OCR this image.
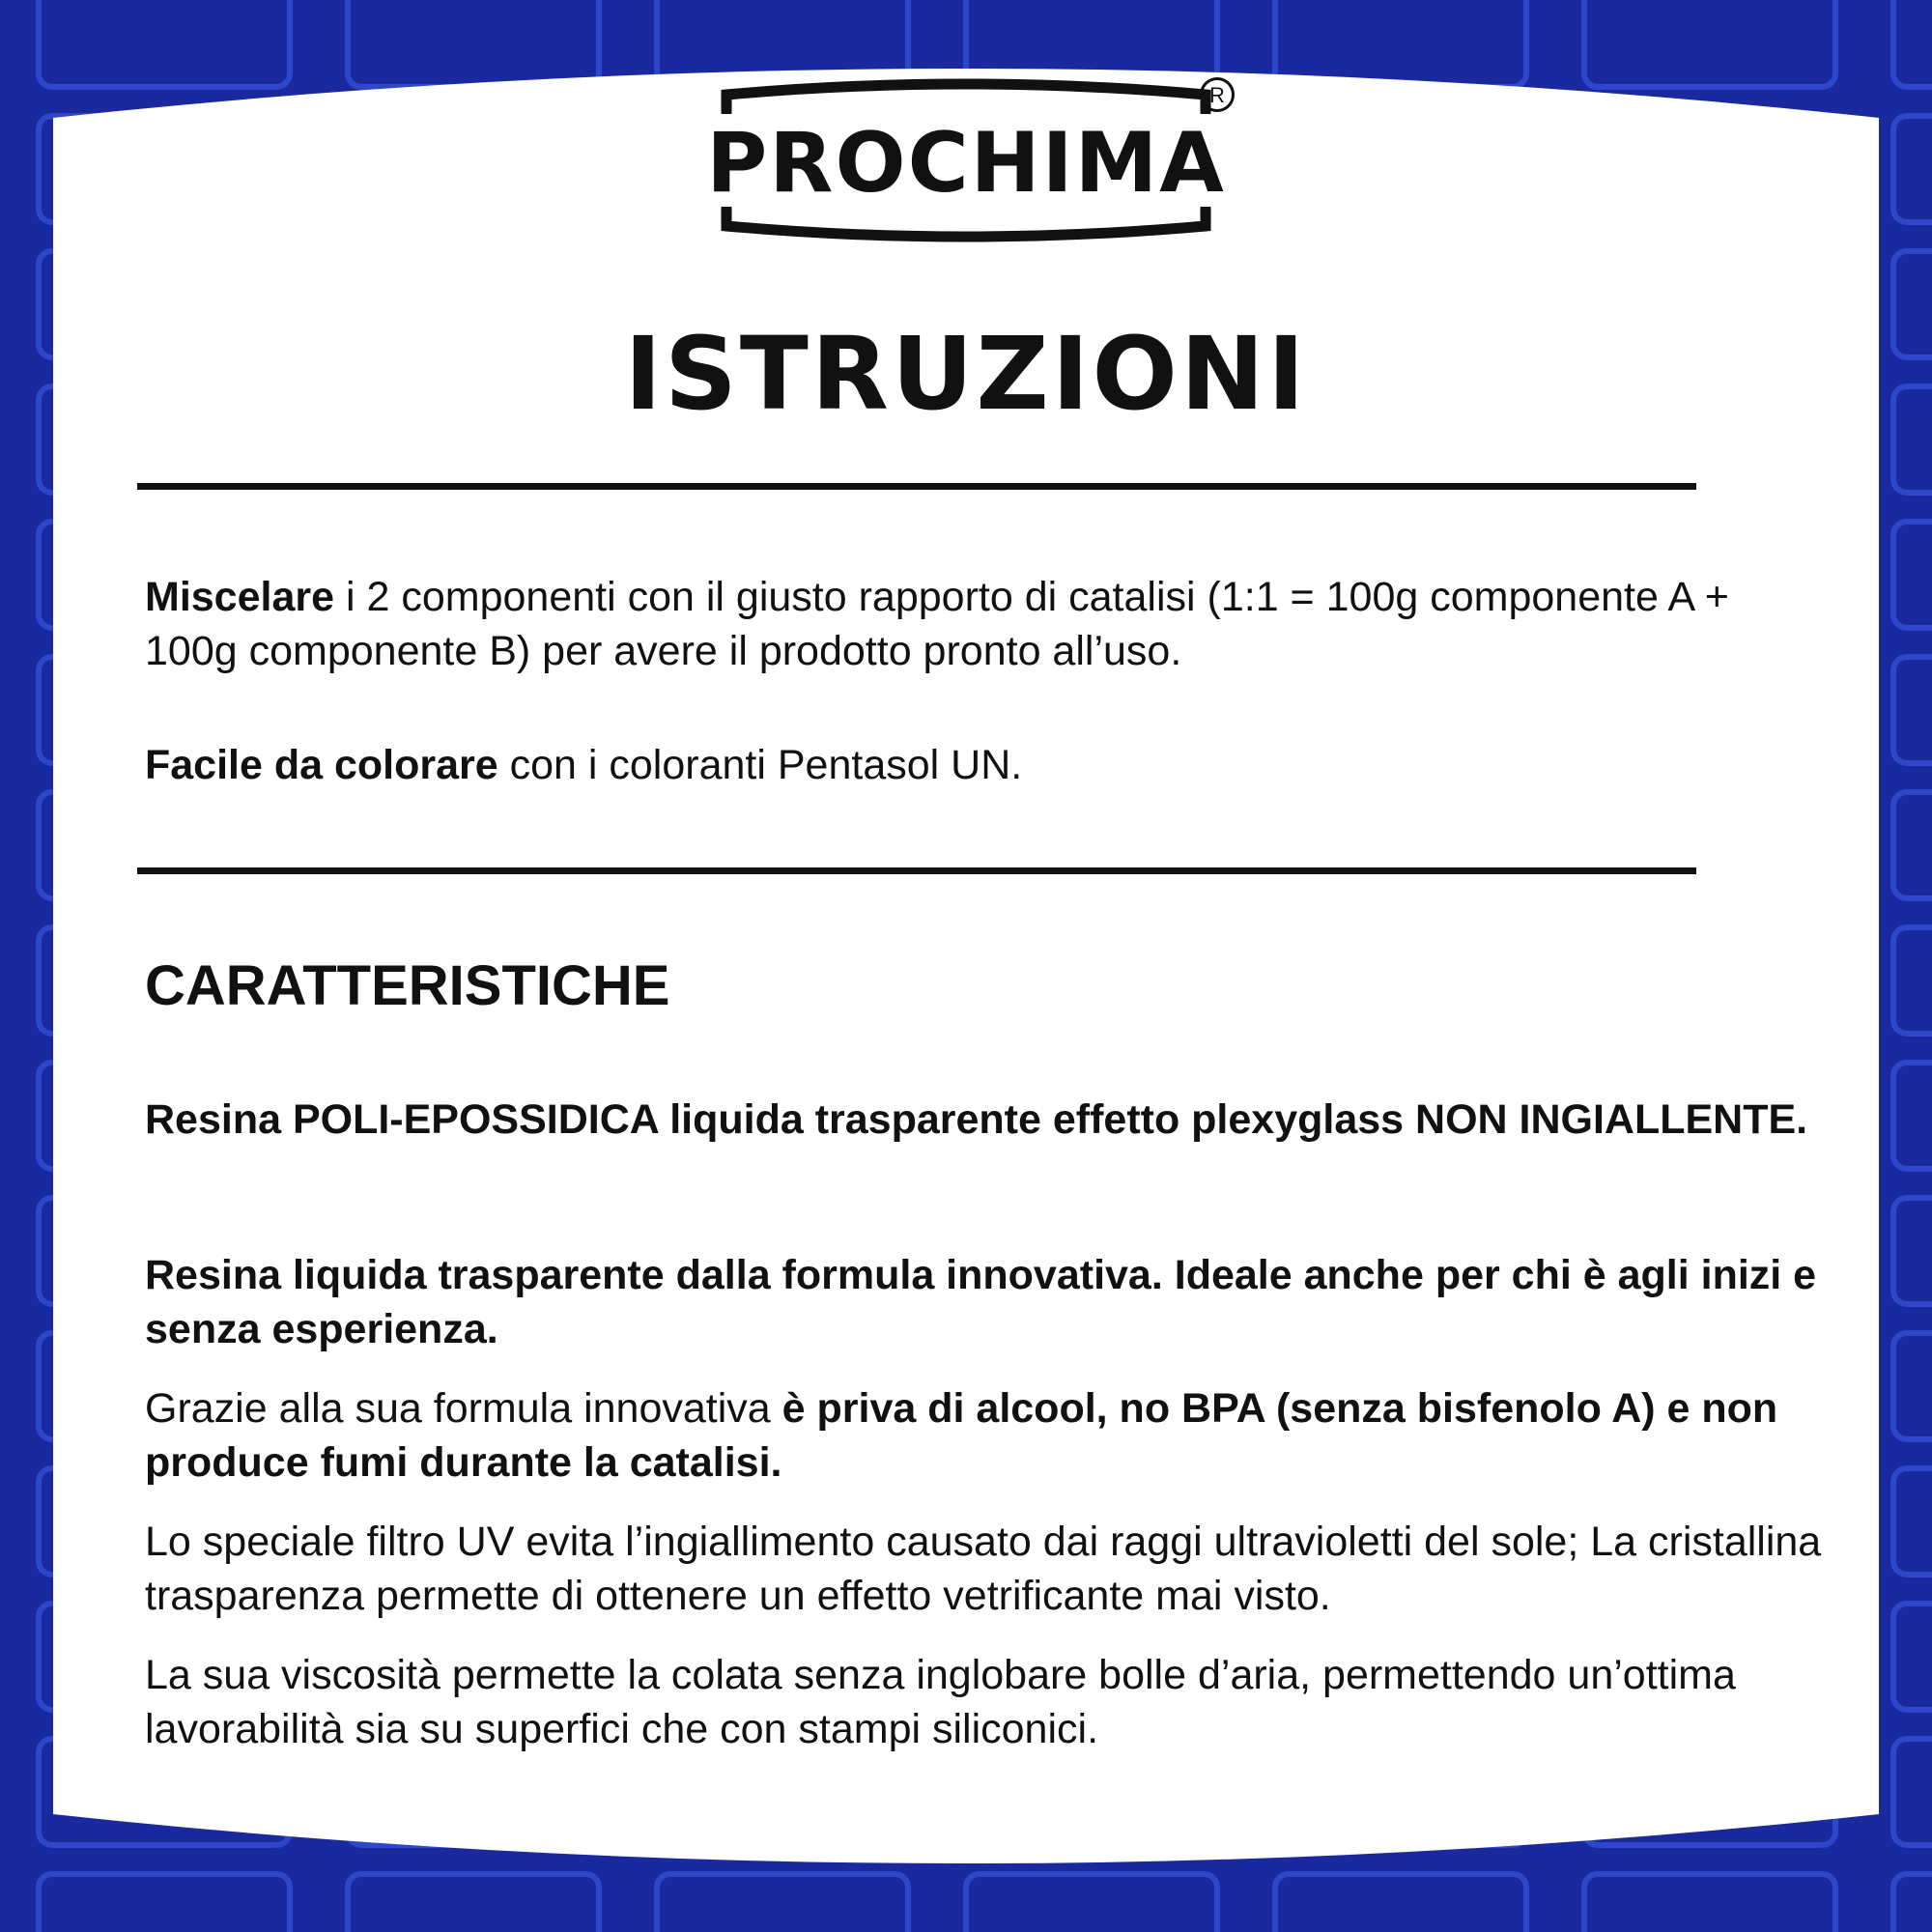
PROCHIMA
R
ISTRUZIONI

Miscelare i 2 componenti con il giusto rapporto di catalisi (1:1 = 100g componente A + 100g componente B) per avere il prodotto pronto all’uso.

Facile da colorare con i coloranti Pentasol UN.

CARATTERISTICHE

Resina POLI-EPOSSIDICA liquida trasparente effetto plexyglass NON INGIALLENTE.

Resina liquida trasparente dalla formula innovativa. Ideale anche per chi è agli inizi e senza esperienza.

Grazie alla sua formula innovativa è priva di alcool, no BPA (senza bisfenolo A) e non produce fumi durante la catalisi.

Lo speciale filtro UV evita l’ingiallimento causato dai raggi ultravioletti del sole; La cristallina trasparenza permette di ottenere un effetto vetrificante mai visto.

La sua viscosità permette la colata senza inglobare bolle d’aria, permettendo un’ottima lavorabilità sia su superfici che con stampi siliconici.
